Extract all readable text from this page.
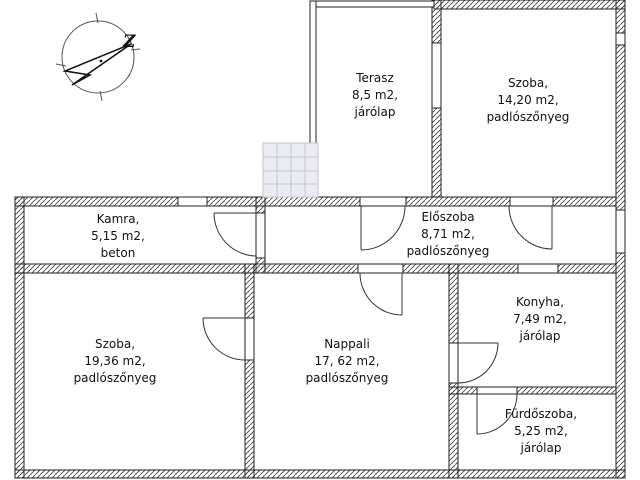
Z
Terasz
8,5 m2,
járólap
Szoba,
14,20 m2,
padlószőnyeg
Kamra,
5,15 m2,
beton
Előszoba
8,71 m2,
padlószőnyeg
Szoba,
19,36 m2,
padlószőnyeg
Nappali
17, 62 m2,
padlószőnyeg
Konyha,
7,49 m2,
járólap
Fürdőszoba,
5,25 m2,
járólap
